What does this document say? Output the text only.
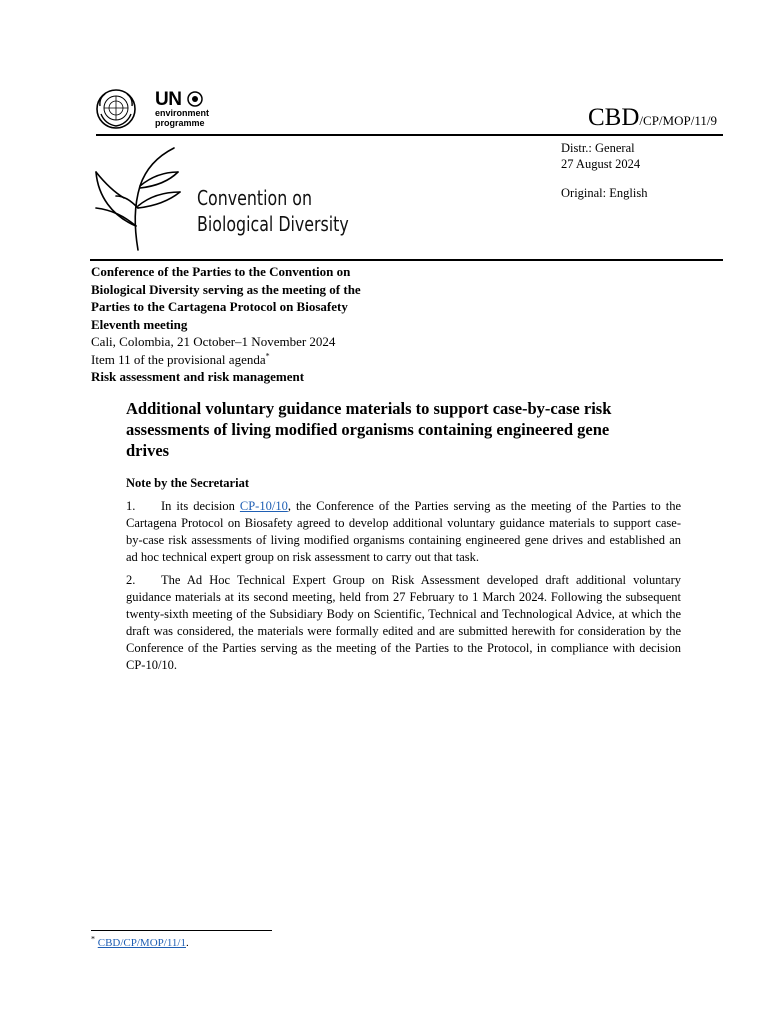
UN
environment
programme	CBD/CP/MOP/11/9
Distr.: General
27 August 2024
Original: English
Convention on
Biological Diversity
Conference of the Parties to the Convention on
Biological Diversity serving as the meeting of the
Parties to the Cartagena Protocol on Biosafety
Eleventh meeting
Cali, Colombia, 21 October–1 November 2024
Item 11 of the provisional agenda*
Risk assessment and risk management
Additional voluntary guidance materials to support case-by-case risk assessments of living modified organisms containing engineered gene drives
Note by the Secretariat
1. In its decision CP-10/10, the Conference of the Parties serving as the meeting of the Parties to the Cartagena Protocol on Biosafety agreed to develop additional voluntary guidance materials to support case-by-case risk assessments of living modified organisms containing engineered gene drives and established an ad hoc technical expert group on risk assessment to carry out that task.
2. The Ad Hoc Technical Expert Group on Risk Assessment developed draft additional voluntary guidance materials at its second meeting, held from 27 February to 1 March 2024. Following the subsequent twenty-sixth meeting of the Subsidiary Body on Scientific, Technical and Technological Advice, at which the draft was considered, the materials were formally edited and are submitted herewith for consideration by the Conference of the Parties serving as the meeting of the Parties to the Protocol, in compliance with decision CP-10/10.
* CBD/CP/MOP/11/1.
